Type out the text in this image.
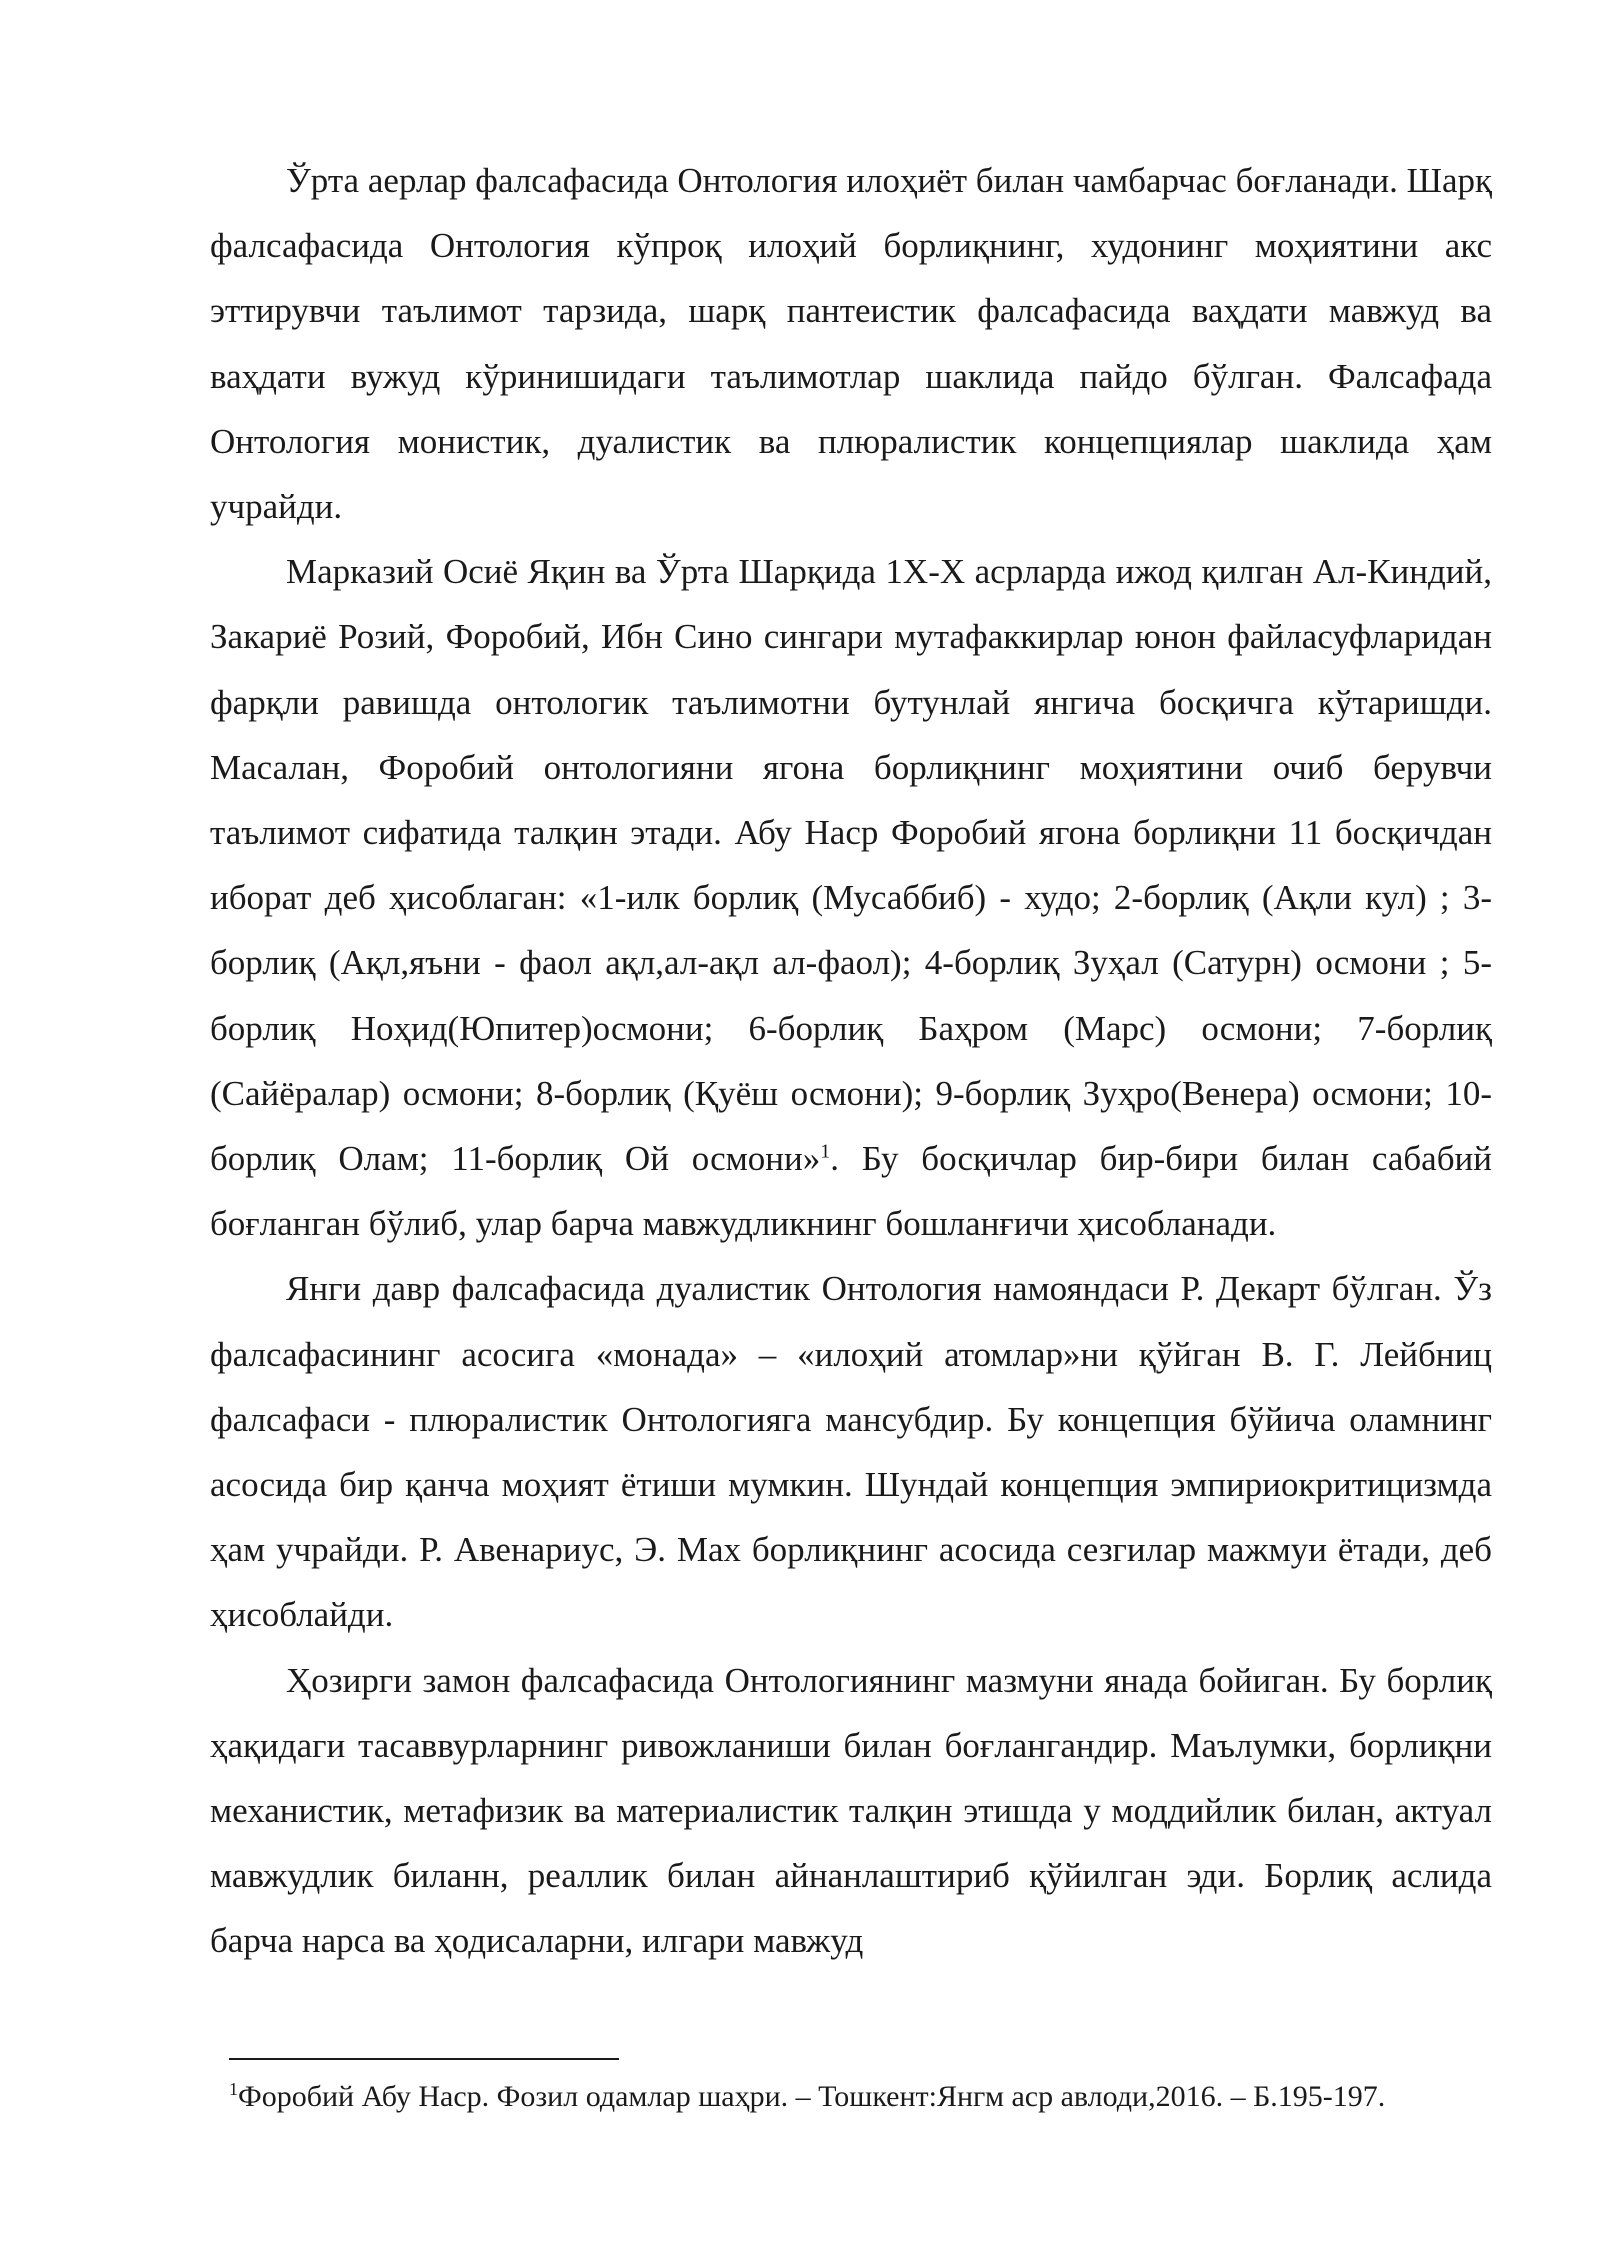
Ўрта аерлар фалсафасида Онтология илоҳиёт билан чамбарчас боғланади. Шарқ фалсафасида Онтология кўпроқ илоҳий борлиқнинг, худонинг моҳиятини акс эттирувчи таълимот тарзида, шарқ пантеистик фалсафасида ваҳдати мавжуд ва ваҳдати вужуд кўринишидаги таълимотлар шаклида пайдо бўлган. Фалсафада Онтология монистик, дуалистик ва плюралистик концепциялар шаклида ҳам учрайди.

Марказий Осиё Яқин ва Ўрта Шарқида 1Х-Х асрларда ижод қилган Ал-Киндий, Закариё Розий, Форобий, Ибн Сино сингари мутафаккирлар юнон файласуфларидан фарқли равишда онтологик таълимотни бутунлай янгича босқичга кўтаришди. Масалан, Форобий онтологияни ягона борлиқнинг моҳиятини очиб берувчи таълимот сифатида талқин этади. Абу Наср Форобий ягона борлиқни 11 босқичдан иборат деб ҳисоблаган: «1-илк борлиқ (Мусаббиб) - худо; 2-борлиқ (Ақли кул) ; 3-борлиқ (Ақл,яъни - фаол ақл,ал-ақл ал-фаол); 4-борлиқ Зуҳал (Сатурн) осмони ; 5-борлиқ Ноҳид(Юпитер)осмони; 6-борлиқ Баҳром (Марс) осмони; 7-борлиқ (Сайёралар) осмони; 8-борлиқ (Қуёш осмони); 9-борлиқ Зуҳро(Венера) осмони; 10-борлиқ Олам; 11-борлиқ Ой осмони»$^1$. Бу босқичлар бир-бири билан сабабий боғланган бўлиб, улар барча мавжудликнинг бошланғичи ҳисобланади.

Янги давр фалсафасида дуалистик Онтология намояндаси Р. Декарт бўлган. Ўз фалсафасининг асосига «монада» – «илоҳий атомлар»ни қўйган В. Г. Лейбниц фалсафаси - плюралистик Онтологияга мансубдир. Бу концепция бўйича оламнинг асосида бир қанча моҳият ётиши мумкин. Шундай концепция эмпириокритицизмда ҳам учрайди. Р. Авенариус, Э. Мах борлиқнинг асосида сезгилар мажмуи ётади, деб ҳисоблайди.

Ҳозирги замон фалсафасида Онтологиянинг мазмуни янада бойиган. Бу борлиқ ҳақидаги тасаввурларнинг ривожланиши билан боғлангандир. Маълумки, борлиқни механистик, метафизик ва материалистик талқин этишда у моддийлик билан, актуал мавжудлик биланн, реаллик билан айнанлаштириб қўйилган эди. Борлиқ аслида барча нарса ва ҳодисаларни, илгари мавжуд

$^1$Форобий Абу Наср. Фозил одамлар шаҳри. – Тошкент:Янгм аср авлоди,2016. – Б.195-197.
